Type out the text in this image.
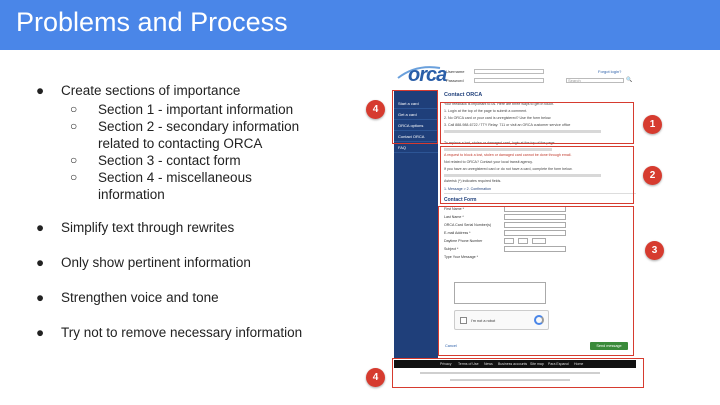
Problems and Process
● Create sections of importance
○ Section 1 - important information
○ Section 2 - secondary information
related to contacting ORCA
○ Section 3 - contact form
○ Section 4 - miscellaneous
information
● Simplify text through rewrites
● Only show pertinent information
● Strengthen voice and tone
● Try not to remove necessary information
orca Username
Password
Forgot login?
Search	🔍
Start a card
Get a card
ORCA options
Contact ORCA
FAQ
Contact ORCA
Your feedback is important to us. Here are three ways to get in touch.
1. Login at the top of the page to submit a comment.
2. No ORCA card or your card is unregistered? Use the form below.
3. Call 888-988-6722 / TTY Relay: 711 or visit an ORCA customer service office
To replace a lost, stolen or damaged card, login at the top of the page
A request to block a lost, stolen or damaged card cannot be done through email.
Not related to ORCA? Contact your local transit agency.
If you have an unregistered card or do not have a card, complete the form below.
Asterisk (*) indicates required fields.
1. Message > 2. Confirmation
Contact Form
First Name *
Last Name *
ORCA Card Serial Number(s)
E-mail Address *
Daytime Phone Number
Subject *
Type Your Message *
I'm not a robot
Cancel	Send message
Privacy Terms of Use News Business accounts Site map Para Espanol Home
4
1
2
3
4
